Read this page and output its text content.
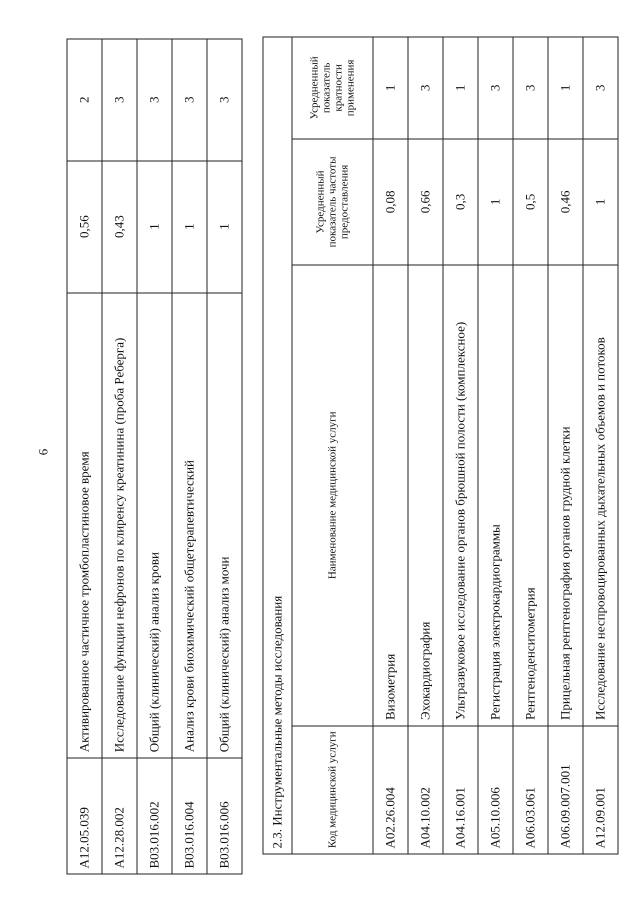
6
A12.05.039	Активированное частичное тромбопластиновое время	0,56	2
A12.28.002	Исследование функции нефронов по клиренсу креатинина (проба Реберга)	0,43	3
B03.016.002	Общий (клинический) анализ крови	1	3
B03.016.004	Анализ крови биохимический общетерапевтический	1	3
B03.016.006	Общий (клинический) анализ мочи	1	3
2.3. Инструментальные методы исследования			
Код медицинской услуги	Наименование медицинской услуги	Усредненный показатель частоты предоставления	Усредненный показатель кратности применения
A02.26.004	Визометрия	0,08	1
A04.10.002	Эхокардиография	0,66	3
A04.16.001	Ультразвуковое исследование органов брюшной полости (комплексное)	0,3	1
A05.10.006	Регистрация электрокардиограммы	1	3
A06.03.061	Рентгеноденситометрия	0,5	3
A06.09.007.001	Прицельная рентгенография органов грудной клетки	0,46	1
A12.09.001	Исследование неспровоцированных дыхательных объемов и потоков	1	3
